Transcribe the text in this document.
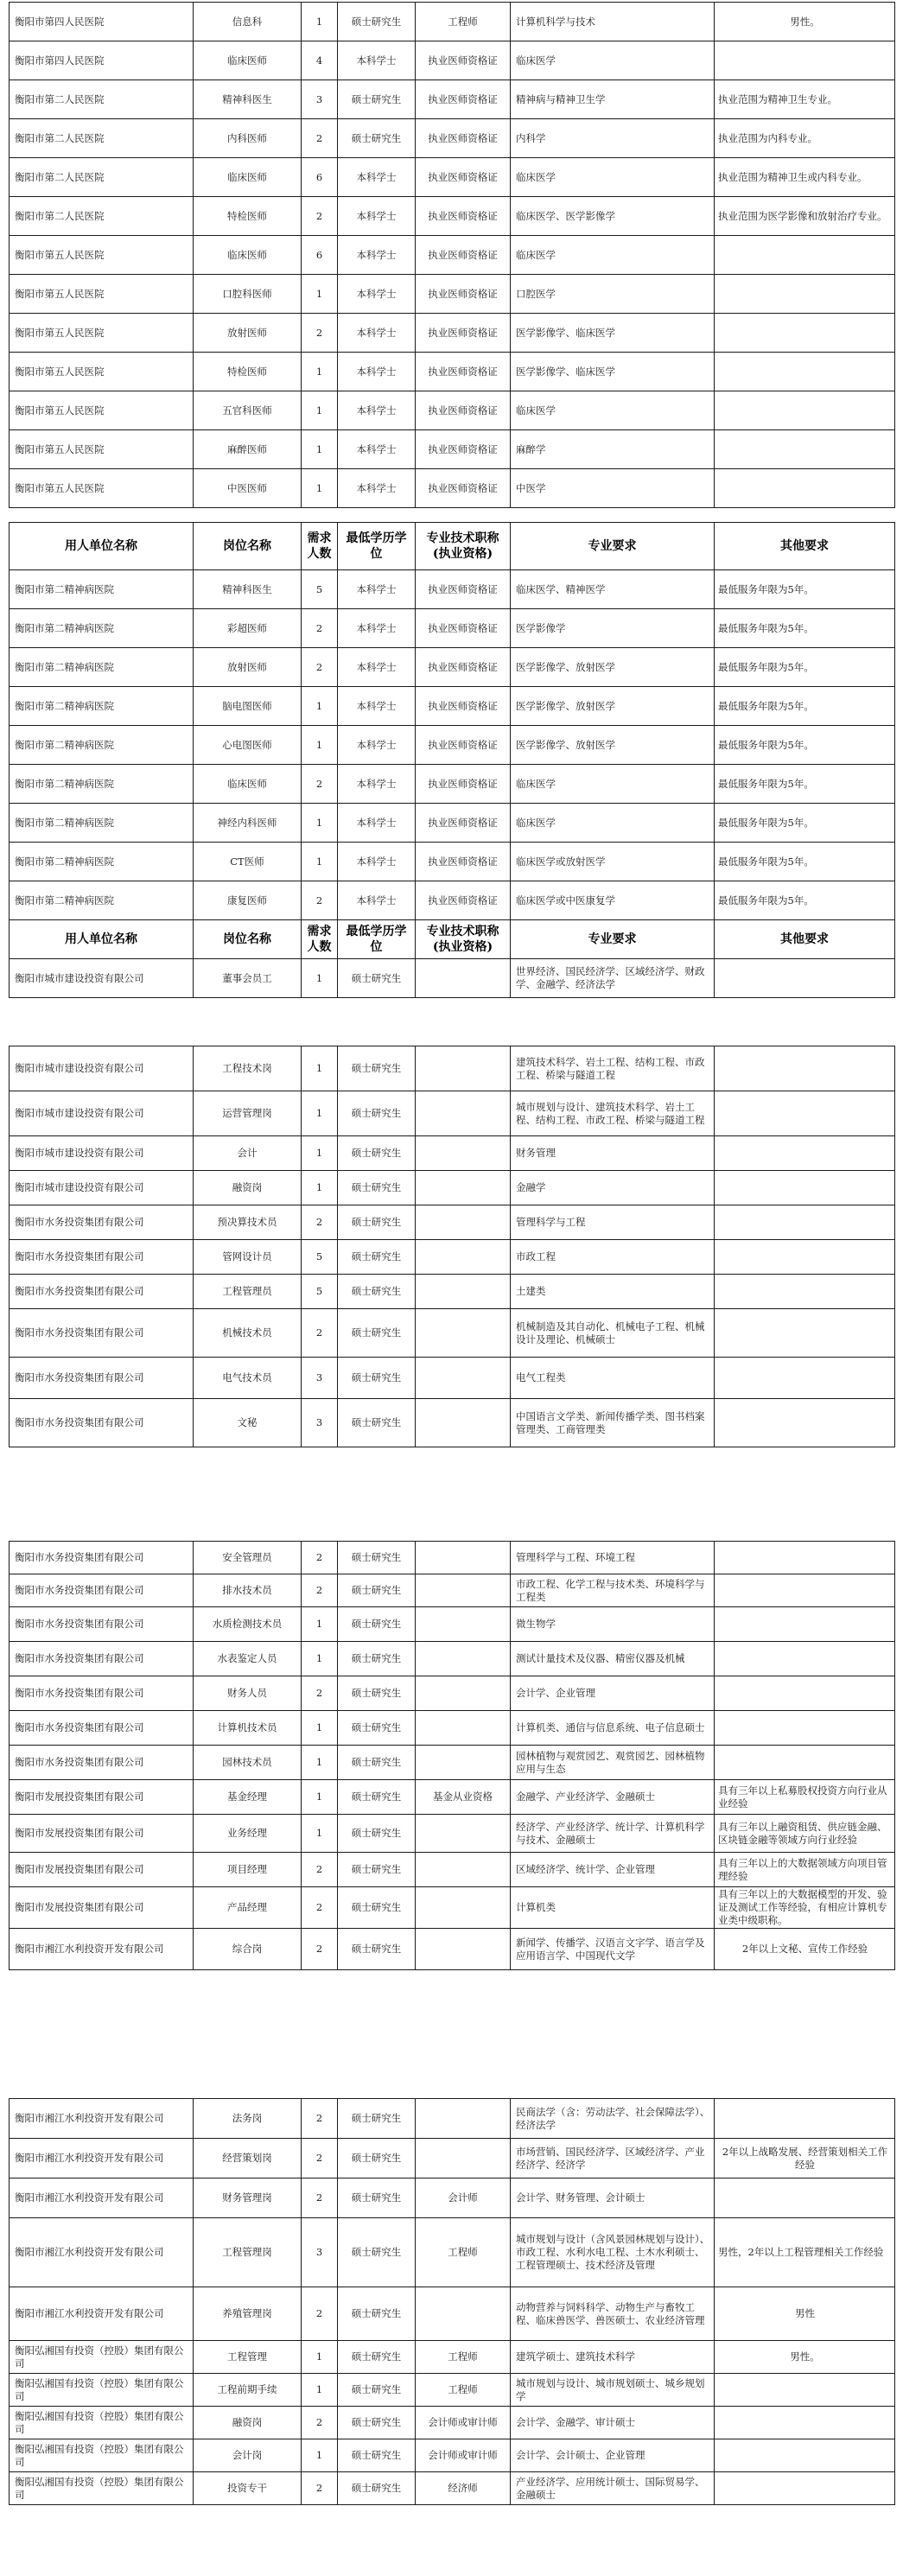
衡阳市第四人民医院	信息科	1	硕士研究生	工程师	计算机科学与技术	男性。
衡阳市第四人民医院	临床医师	4	本科学士	执业医师资格证	临床医学	
衡阳市第二人民医院	精神科医生	3	硕士研究生	执业医师资格证	精神病与精神卫生学	执业范围为精神卫生专业。
衡阳市第二人民医院	内科医师	2	硕士研究生	执业医师资格证	内科学	执业范围为内科专业。
衡阳市第二人民医院	临床医师	6	本科学士	执业医师资格证	临床医学	执业范围为精神卫生或内科专业。
衡阳市第二人民医院	特检医师	2	本科学士	执业医师资格证	临床医学、医学影像学	执业范围为医学影像和放射治疗专业。
衡阳市第五人民医院	临床医师	6	本科学士	执业医师资格证	临床医学	
衡阳市第五人民医院	口腔科医师	1	本科学士	执业医师资格证	口腔医学	
衡阳市第五人民医院	放射医师	2	本科学士	执业医师资格证	医学影像学、临床医学	
衡阳市第五人民医院	特检医师	1	本科学士	执业医师资格证	医学影像学、临床医学	
衡阳市第五人民医院	五官科医师	1	本科学士	执业医师资格证	临床医学	
衡阳市第五人民医院	麻醉医师	1	本科学士	执业医师资格证	麻醉学	
衡阳市第五人民医院	中医医师	1	本科学士	执业医师资格证	中医学	
用人单位名称	岗位名称	需求人数	最低学历学位	专业技术职称(执业资格)	专业要求	其他要求
衡阳市第二精神病医院	精神科医生	5	本科学士	执业医师资格证	临床医学、精神医学	最低服务年限为5年。
衡阳市第二精神病医院	彩超医师	2	本科学士	执业医师资格证	医学影像学	最低服务年限为5年。
衡阳市第二精神病医院	放射医师	2	本科学士	执业医师资格证	医学影像学、放射医学	最低服务年限为5年。
衡阳市第二精神病医院	脑电图医师	1	本科学士	执业医师资格证	医学影像学、放射医学	最低服务年限为5年。
衡阳市第二精神病医院	心电图医师	1	本科学士	执业医师资格证	医学影像学、放射医学	最低服务年限为5年。
衡阳市第二精神病医院	临床医师	2	本科学士	执业医师资格证	临床医学	最低服务年限为5年。
衡阳市第二精神病医院	神经内科医师	1	本科学士	执业医师资格证	临床医学	最低服务年限为5年。
衡阳市第二精神病医院	CT医师	1	本科学士	执业医师资格证	临床医学或放射医学	最低服务年限为5年。
衡阳市第二精神病医院	康复医师	2	本科学士	执业医师资格证	临床医学或中医康复学	最低服务年限为5年。
用人单位名称	岗位名称	需求人数	最低学历学位	专业技术职称(执业资格)	专业要求	其他要求
衡阳市城市建设投资有限公司	董事会员工	1	硕士研究生		世界经济、国民经济学、区域经济学、财政学、金融学、经济法学	
衡阳市城市建设投资有限公司	工程技术岗	1	硕士研究生		建筑技术科学、岩土工程、结构工程、市政工程、桥梁与隧道工程	
衡阳市城市建设投资有限公司	运营管理岗	1	硕士研究生		城市规划与设计、建筑技术科学、岩土工程、结构工程、市政工程、桥梁与隧道工程	
衡阳市城市建设投资有限公司	会计	1	硕士研究生		财务管理	
衡阳市城市建设投资有限公司	融资岗	1	硕士研究生		金融学	
衡阳市水务投资集团有限公司	预决算技术员	2	硕士研究生		管理科学与工程	
衡阳市水务投资集团有限公司	管网设计员	5	硕士研究生		市政工程	
衡阳市水务投资集团有限公司	工程管理员	5	硕士研究生		土建类	
衡阳市水务投资集团有限公司	机械技术员	2	硕士研究生		机械制造及其自动化、机械电子工程、机械设计及理论、机械硕士	
衡阳市水务投资集团有限公司	电气技术员	3	硕士研究生		电气工程类	
衡阳市水务投资集团有限公司	文秘	3	硕士研究生		中国语言文学类、新闻传播学类、图书档案管理类、工商管理类	
衡阳市水务投资集团有限公司	安全管理员	2	硕士研究生		管理科学与工程、环境工程	
衡阳市水务投资集团有限公司	排水技术员	2	硕士研究生		市政工程、化学工程与技术类、环境科学与工程类	
衡阳市水务投资集团有限公司	水质检测技术员	1	硕士研究生		微生物学	
衡阳市水务投资集团有限公司	水表鉴定人员	1	硕士研究生		测试计量技术及仪器、精密仪器及机械	
衡阳市水务投资集团有限公司	财务人员	2	硕士研究生		会计学、企业管理	
衡阳市水务投资集团有限公司	计算机技术员	1	硕士研究生		计算机类、通信与信息系统、电子信息硕士	
衡阳市水务投资集团有限公司	园林技术员	1	硕士研究生		园林植物与观赏园艺、观赏园艺、园林植物应用与生态	
衡阳市发展投资集团有限公司	基金经理	1	硕士研究生	基金从业资格	金融学、产业经济学、金融硕士	具有三年以上私募股权投资方向行业从业经验
衡阳市发展投资集团有限公司	业务经理	1	硕士研究生		经济学、产业经济学、统计学、计算机科学与技术、金融硕士	具有三年以上融资租赁、供应链金融、区块链金融等领域方向行业经验
衡阳市发展投资集团有限公司	项目经理	2	硕士研究生		区域经济学、统计学、企业管理	具有三年以上的大数据领域方向项目管理经验
衡阳市发展投资集团有限公司	产品经理	2	硕士研究生		计算机类	具有三年以上的大数据模型的开发、验证及测试工作等经验，有相应计算机专业类中级职称。
衡阳市湘江水利投资开发有限公司	综合岗	2	硕士研究生		新闻学、传播学、汉语言文字学、语言学及应用语言学、中国现代文学	2年以上文秘、宣传工作经验
衡阳市湘江水利投资开发有限公司	法务岗	2	硕士研究生		民商法学（含：劳动法学、社会保障法学）、经济法学	
衡阳市湘江水利投资开发有限公司	经营策划岗	2	硕士研究生		市场营销、国民经济学、区域经济学、产业经济学、经济学	2年以上战略发展、经营策划相关工作经验
衡阳市湘江水利投资开发有限公司	财务管理岗	2	硕士研究生	会计师	会计学、财务管理、会计硕士	
衡阳市湘江水利投资开发有限公司	工程管理岗	3	硕士研究生	工程师	城市规划与设计（含风景园林规划与设计）、市政工程、水利水电工程、土木水利硕士、工程管理硕士、技术经济及管理	男性，2年以上工程管理相关工作经验
衡阳市湘江水利投资开发有限公司	养殖管理岗	2	硕士研究生		动物营养与饲料科学、动物生产与畜牧工程、临床兽医学、兽医硕士、农业经济管理	男性
衡阳弘湘国有投资（控股）集团有限公司	工程管理	1	硕士研究生	工程师	建筑学硕士、建筑技术科学	男性。
衡阳弘湘国有投资（控股）集团有限公司	工程前期手续	1	硕士研究生	工程师	城市规划与设计、城市规划硕士、城乡规划学	
衡阳弘湘国有投资（控股）集团有限公司	融资岗	2	硕士研究生	会计师或审计师	会计学、金融学、审计硕士	
衡阳弘湘国有投资（控股）集团有限公司	会计岗	1	硕士研究生	会计师或审计师	会计学、会计硕士、企业管理	
衡阳弘湘国有投资（控股）集团有限公司	投资专干	2	硕士研究生	经济师	产业经济学、应用统计硕士、国际贸易学、金融硕士	
